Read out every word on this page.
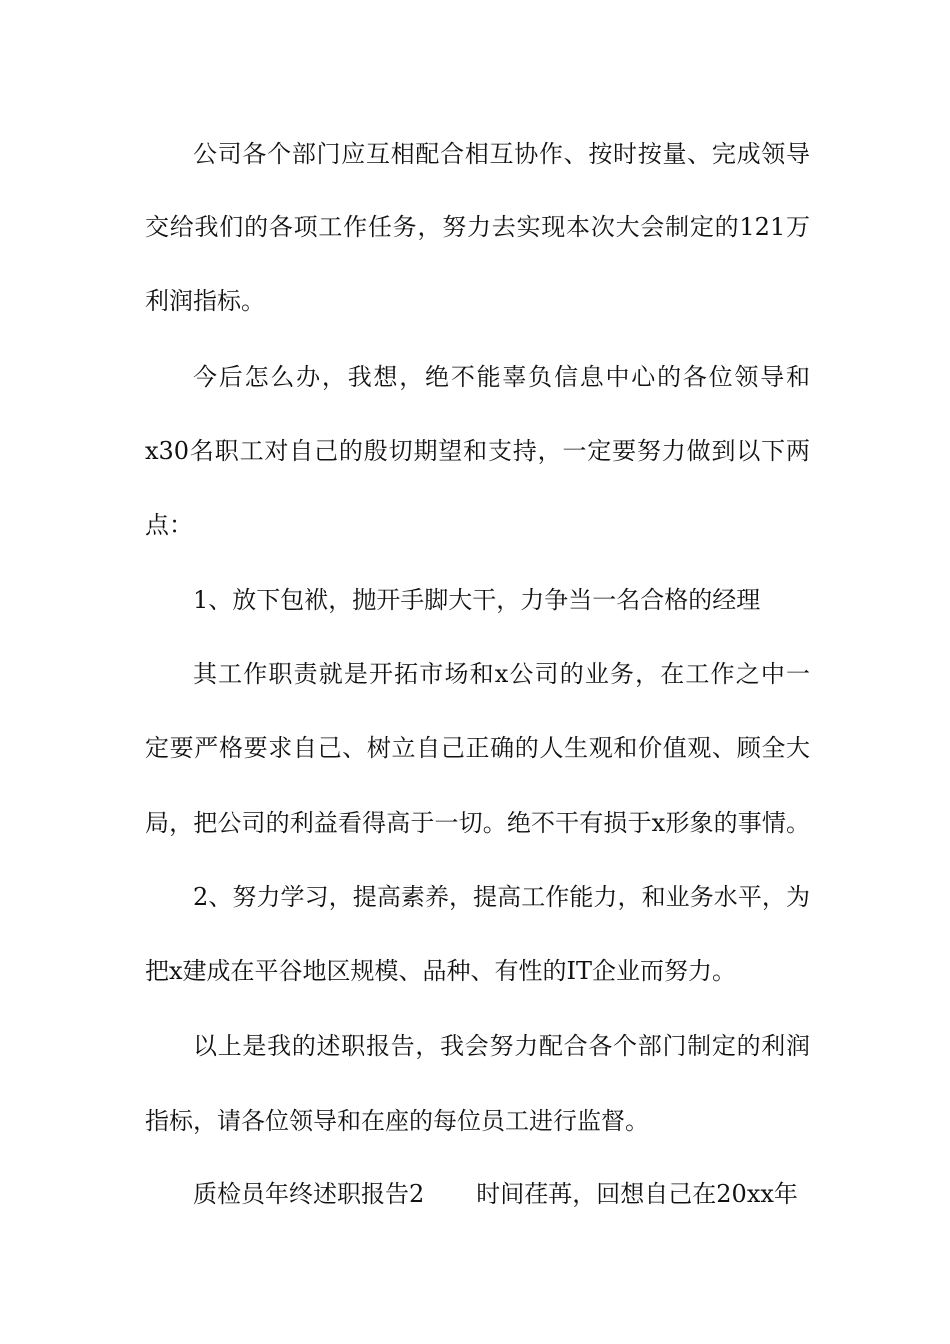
公司各个部门应互相配合相互协作、按时按量、完成领导
交给我们的各项工作任务，努力去实现本次大会制定的121万
利润指标。
今后怎么办，我想，绝不能辜负信息中心的各位领导和
x30名职工对自己的殷切期望和支持，一定要努力做到以下两
点：
1、放下包袱，抛开手脚大干，力争当一名合格的经理
其工作职责就是开拓市场和x公司的业务，在工作之中一
定要严格要求自己、树立自己正确的人生观和价值观、顾全大
局，把公司的利益看得高于一切。绝不干有损于x形象的事情。
2、努力学习，提高素养，提高工作能力，和业务水平，为
把x建成在平谷地区规模、品种、有性的IT企业而努力。
以上是我的述职报告，我会努力配合各个部门制定的利润
指标，请各位领导和在座的每位员工进行监督。
质检员年终述职报告2 时间荏苒，回想自己在20xx年
